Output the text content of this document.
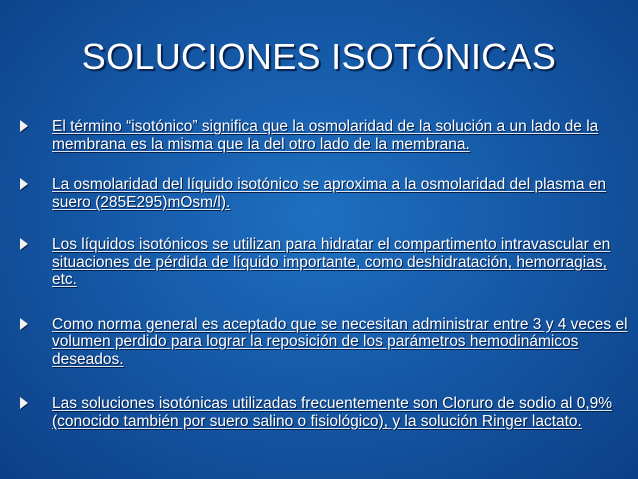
SOLUCIONES ISOTÓNICAS
El término “isotónico” significa que la osmolaridad de la solución a un lado de la membrana es la misma que la del otro lado de la membrana.
La osmolaridad del líquido isotónico se aproxima a la osmolaridad del plasma en suero (285E295)mOsm/l).
Los líquidos isotónicos se utilizan para hidratar el compartimento intravascular en situaciones de pérdida de líquido importante, como deshidratación, hemorragias, etc.
Como norma general es aceptado que se necesitan administrar entre 3 y 4 veces el volumen perdido para lograr la reposición de los parámetros hemodinámicos deseados.
Las soluciones isotónicas utilizadas frecuentemente son Cloruro de sodio al 0,9% (conocido también por suero salino o fisiológico), y la solución Ringer lactato.
